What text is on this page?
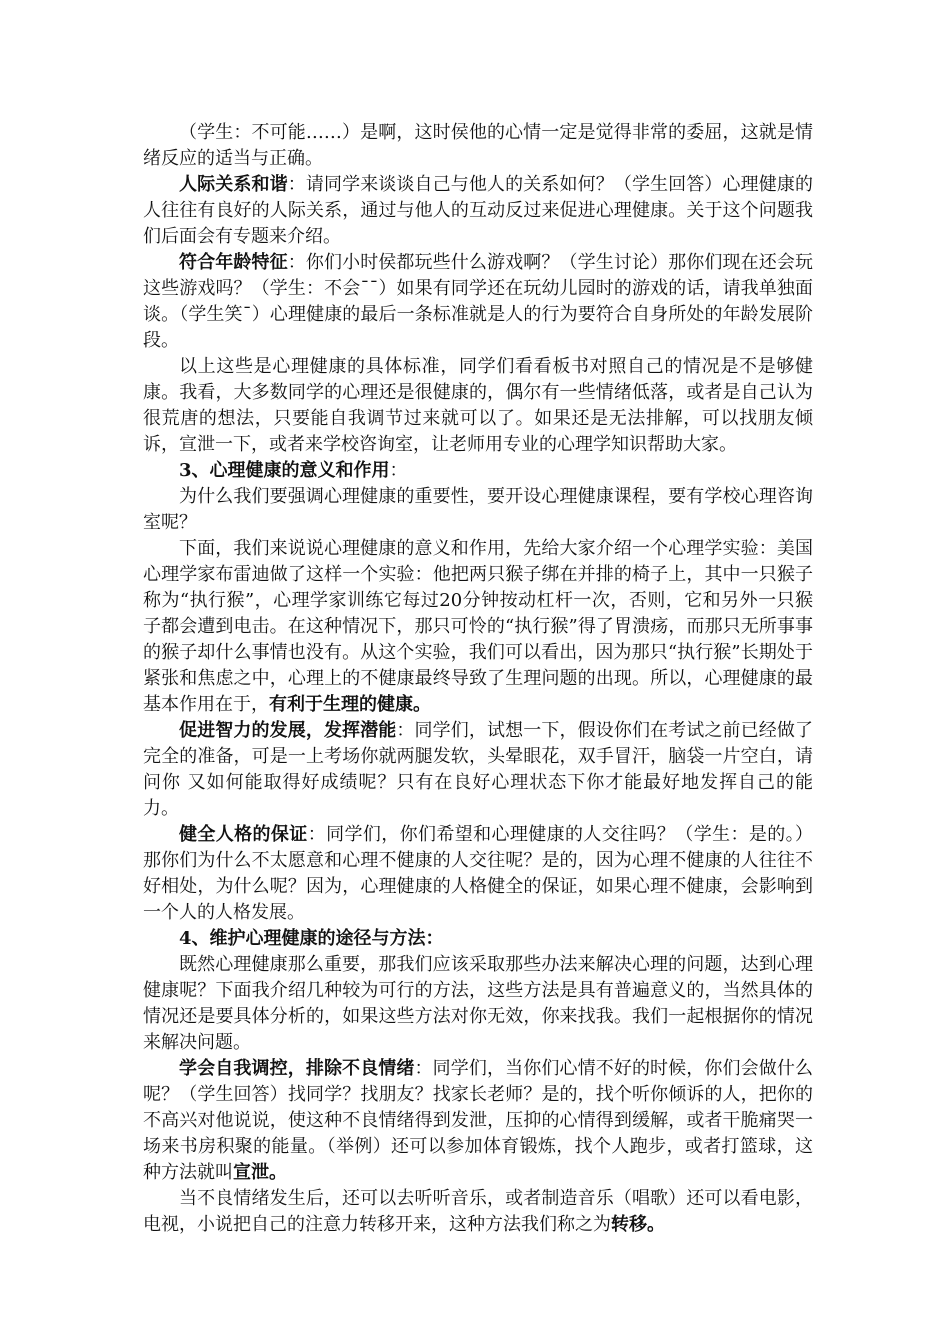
（学生：不可能……）是啊，这时侯他的心情一定是觉得非常的委屈，这就是情绪反应的适当与正确。

人际关系和谐：请同学来谈谈自己与他人的关系如何？（学生回答）心理健康的人往往有良好的人际关系，通过与他人的互动反过来促进心理健康。关于这个问题我们后面会有专题来介绍。

符合年龄特征：你们小时侯都玩些什么游戏啊？（学生讨论）那你们现在还会玩这些游戏吗？（学生：不会¯¯）如果有同学还在玩幼儿园时的游戏的话，请我单独面谈。（学生笑¯）心理健康的最后一条标准就是人的行为要符合自身所处的年龄发展阶段。

以上这些是心理健康的具体标准，同学们看看板书对照自己的情况是不是够健康。我看，大多数同学的心理还是很健康的，偶尔有一些情绪低落，或者是自己认为很荒唐的想法，只要能自我调节过来就可以了。如果还是无法排解，可以找朋友倾诉，宣泄一下，或者来学校咨询室，让老师用专业的心理学知识帮助大家。

3、心理健康的意义和作用：

为什么我们要强调心理健康的重要性，要开设心理健康课程，要有学校心理咨询室呢？

下面，我们来说说心理健康的意义和作用，先给大家介绍一个心理学实验：美国心理学家布雷迪做了这样一个实验：他把两只猴子绑在并排的椅子上，其中一只猴子称为“执行猴”，心理学家训练它每过20分钟按动杠杆一次，否则，它和另外一只猴子都会遭到电击。在这种情况下，那只可怜的“执行猴”得了胃溃疡，而那只无所事事的猴子却什么事情也没有。从这个实验，我们可以看出，因为那只“执行猴”长期处于紧张和焦虑之中，心理上的不健康最终导致了生理问题的出现。所以，心理健康的最基本作用在于，有利于生理的健康。

促进智力的发展，发挥潜能：同学们，试想一下，假设你们在考试之前已经做了完全的准备，可是一上考场你就两腿发软，头晕眼花，双手冒汗，脑袋一片空白，请问你 又如何能取得好成绩呢？只有在良好心理状态下你才能最好地发挥自己的能力。

健全人格的保证：同学们，你们希望和心理健康的人交往吗？（学生：是的。）那你们为什么不太愿意和心理不健康的人交往呢？是的，因为心理不健康的人往往不好相处，为什么呢？因为，心理健康的人格健全的保证，如果心理不健康，会影响到一个人的人格发展。

4、维护心理健康的途径与方法：

既然心理健康那么重要，那我们应该采取那些办法来解决心理的问题，达到心理健康呢？下面我介绍几种较为可行的方法，这些方法是具有普遍意义的，当然具体的情况还是要具体分析的，如果这些方法对你无效，你来找我。我们一起根据你的情况来解决问题。

学会自我调控，排除不良情绪：同学们，当你们心情不好的时候，你们会做什么呢？（学生回答）找同学？找朋友？找家长老师？是的，找个听你倾诉的人，把你的不高兴对他说说，使这种不良情绪得到发泄，压抑的心情得到缓解，或者干脆痛哭一场来书房积聚的能量。（举例）还可以参加体育锻炼，找个人跑步，或者打篮球，这种方法就叫宣泄。

当不良情绪发生后，还可以去听听音乐，或者制造音乐（唱歌）还可以看电影，电视，小说把自己的注意力转移开来，这种方法我们称之为转移。
